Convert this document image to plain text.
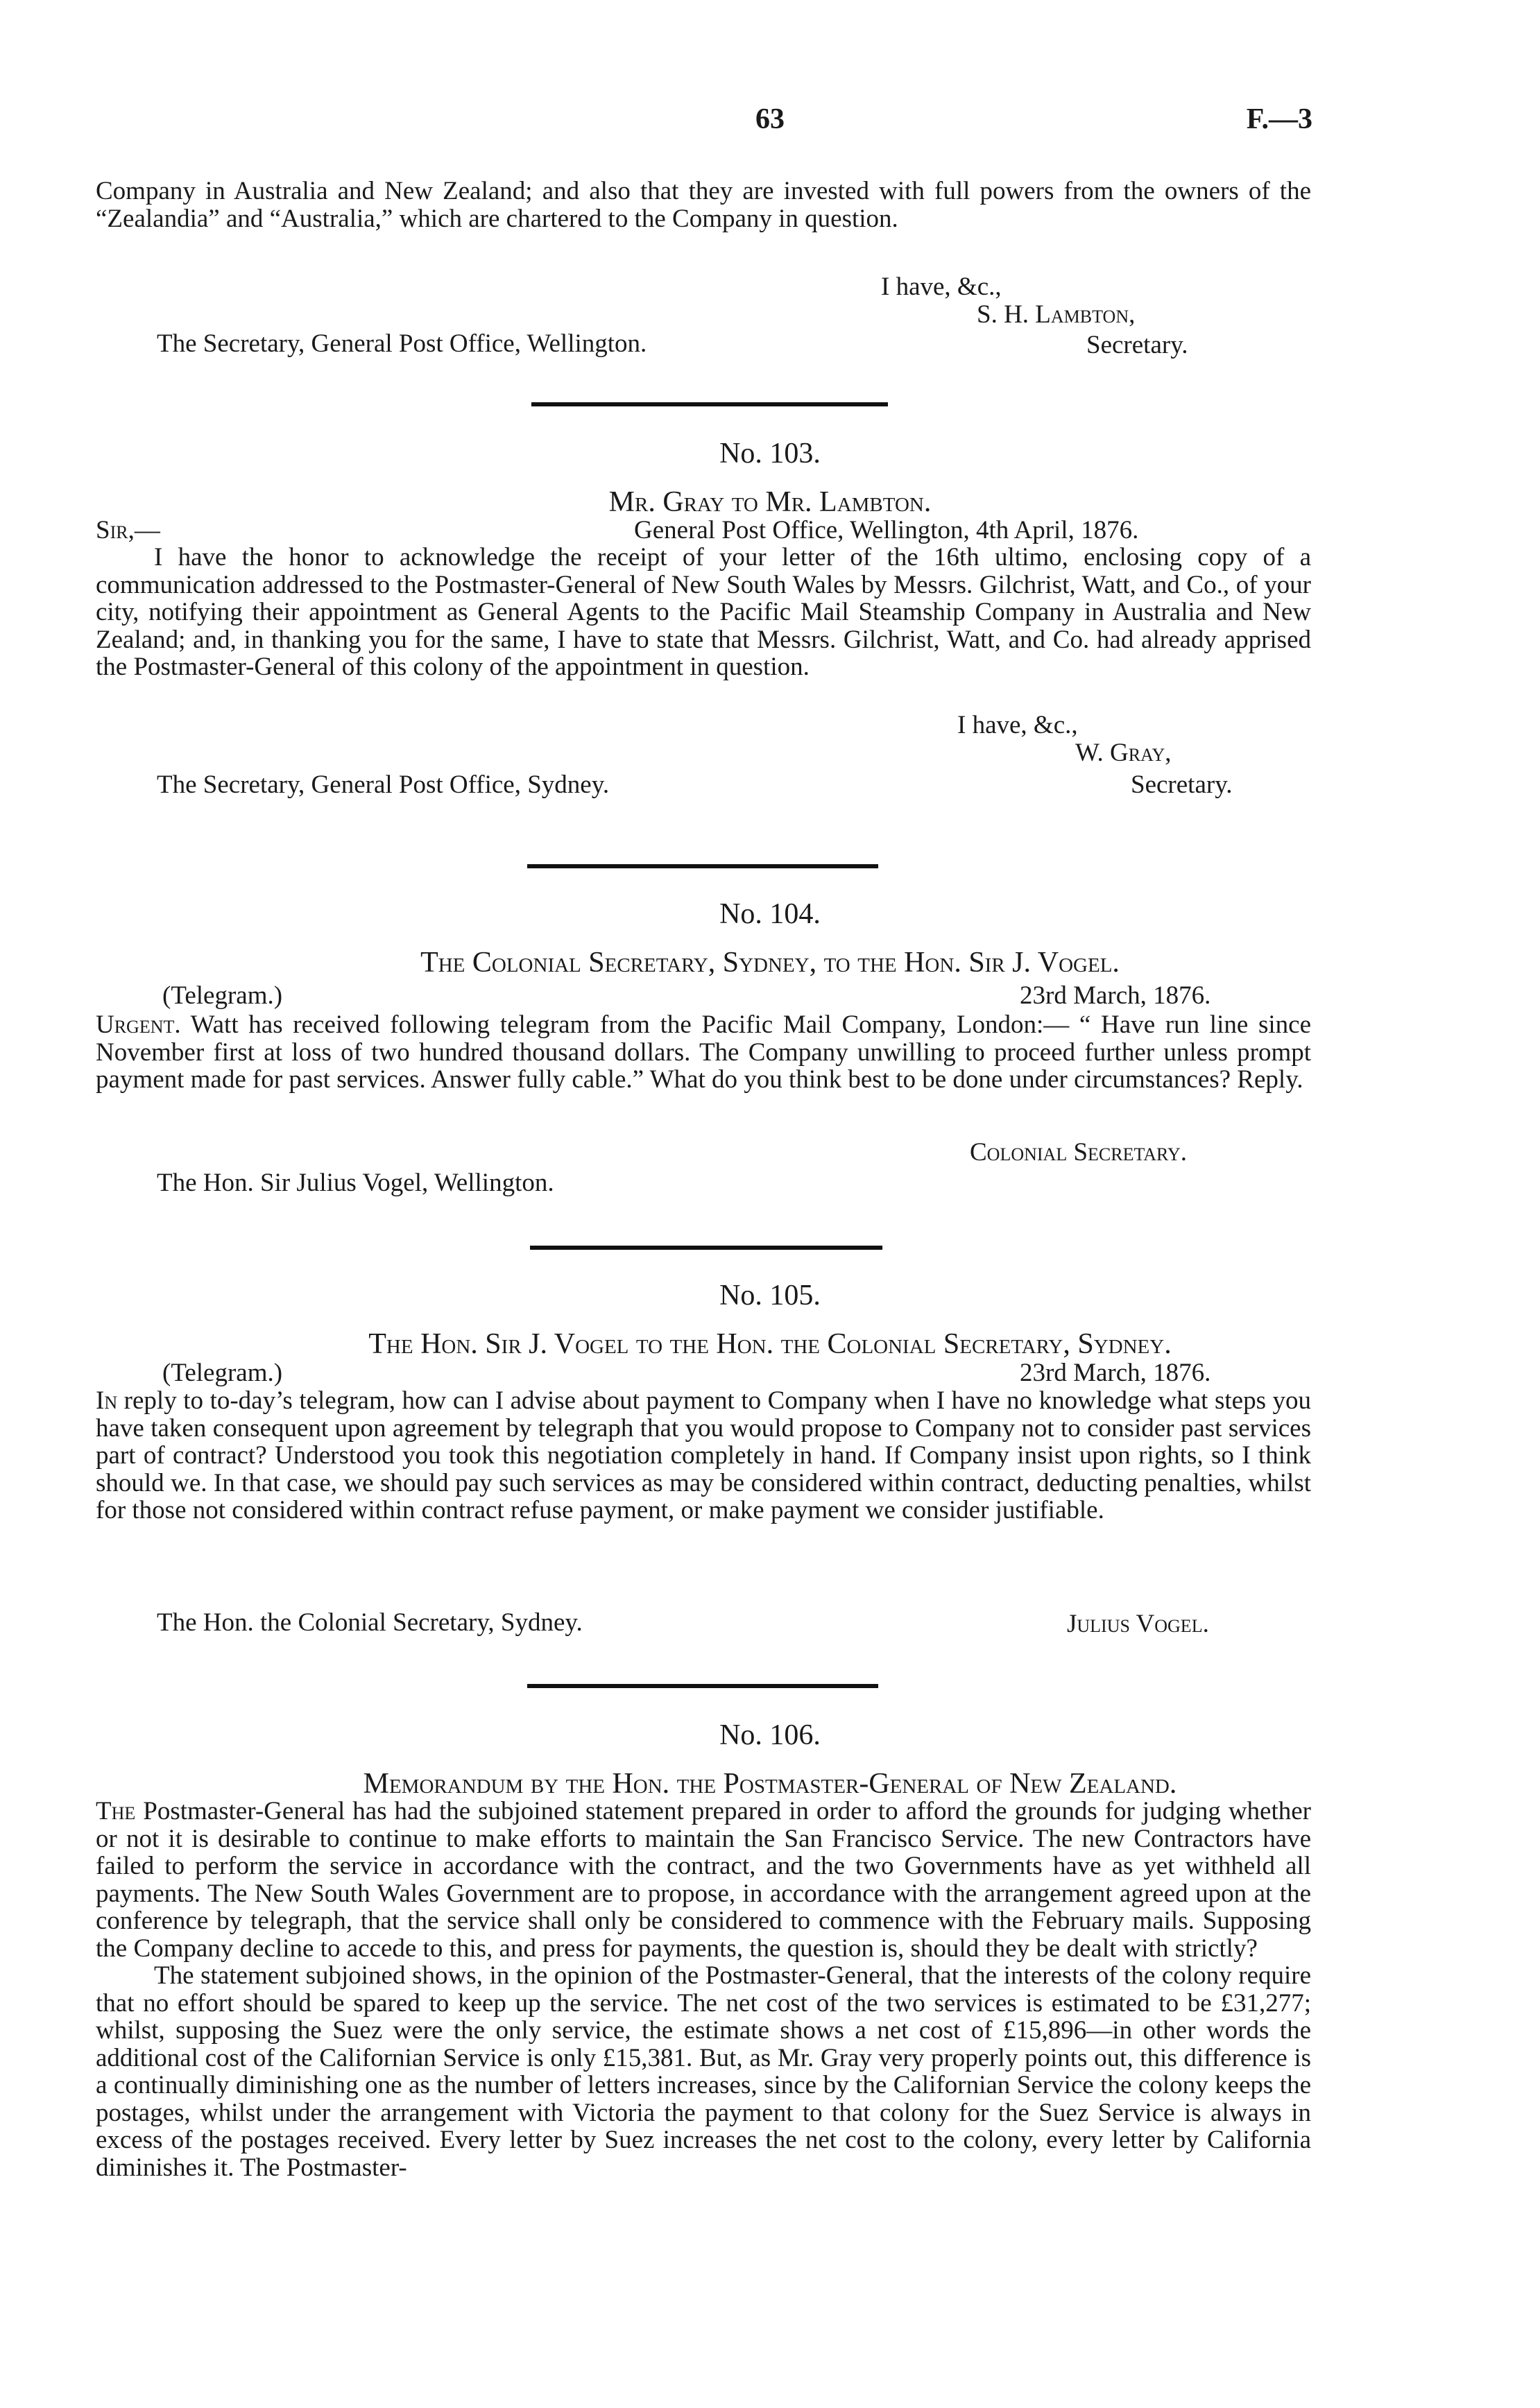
63	F.—3
Company in Australia and New Zealand; and also that they are invested with full powers from the owners of the “Zealandia” and “Australia,” which are chartered to the Company in question.
I have, &c.,
S. H. Lambton,
The Secretary, General Post Office, Wellington.	Secretary.
No. 103.
Mr. Gray to Mr. Lambton.
Sir,—	General Post Office, Wellington, 4th April, 1876.
I have the honor to acknowledge the receipt of your letter of the 16th ultimo, enclosing copy of a communication addressed to the Postmaster-General of New South Wales by Messrs. Gilchrist, Watt, and Co., of your city, notifying their appointment as General Agents to the Pacific Mail Steamship Company in Australia and New Zealand; and, in thanking you for the same, I have to state that Messrs. Gilchrist, Watt, and Co. had already apprised the Postmaster-General of this colony of the appointment in question.
I have, &c.,
W. Gray,
The Secretary, General Post Office, Sydney.	Secretary.
No. 104.
The Colonial Secretary, Sydney, to the Hon. Sir J. Vogel.
(Telegram.)	23rd March, 1876.
Urgent. Watt has received following telegram from the Pacific Mail Company, London:— “ Have run line since November first at loss of two hundred thousand dollars. The Company unwilling to proceed further unless prompt payment made for past services. Answer fully cable.” What do you think best to be done under circumstances? Reply.
Colonial Secretary.
The Hon. Sir Julius Vogel, Wellington.
No. 105.
The Hon. Sir J. Vogel to the Hon. the Colonial Secretary, Sydney.
(Telegram.)	23rd March, 1876.
In reply to to-day’s telegram, how can I advise about payment to Company when I have no knowledge what steps you have taken consequent upon agreement by telegraph that you would propose to Company not to consider past services part of contract? Understood you took this negotiation completely in hand. If Company insist upon rights, so I think should we. In that case, we should pay such services as may be considered within contract, deducting penalties, whilst for those not considered within contract refuse payment, or make payment we consider justifiable.
The Hon. the Colonial Secretary, Sydney.	Julius Vogel.
No. 106.
Memorandum by the Hon. the Postmaster-General of New Zealand.
The Postmaster-General has had the subjoined statement prepared in order to afford the grounds for judging whether or not it is desirable to continue to make efforts to maintain the San Francisco Service. The new Contractors have failed to perform the service in accordance with the contract, and the two Governments have as yet withheld all payments. The New South Wales Government are to propose, in accordance with the arrangement agreed upon at the conference by telegraph, that the service shall only be considered to commence with the February mails. Supposing the Company decline to accede to this, and press for payments, the question is, should they be dealt with strictly?
The statement subjoined shows, in the opinion of the Postmaster-General, that the interests of the colony require that no effort should be spared to keep up the service. The net cost of the two services is estimated to be £31,277; whilst, supposing the Suez were the only service, the estimate shows a net cost of £15,896—in other words the additional cost of the Californian Service is only £15,381. But, as Mr. Gray very properly points out, this difference is a continually diminishing one as the number of letters increases, since by the Californian Service the colony keeps the postages, whilst under the arrangement with Victoria the payment to that colony for the Suez Service is always in excess of the postages received. Every letter by Suez increases the net cost to the colony, every letter by California diminishes it. The Postmaster-
